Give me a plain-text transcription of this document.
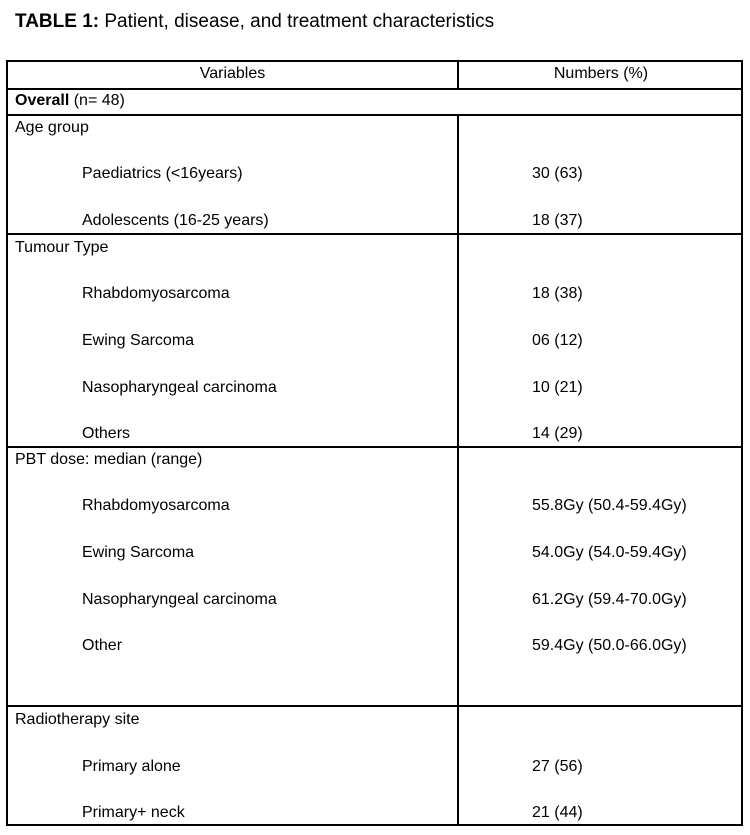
TABLE 1: Patient, disease, and treatment characteristics
Variables	Numbers (%)
Overall (n= 48)
Age group
Paediatrics (<16years)	30 (63)
Adolescents (16-25 years)	18 (37)
Tumour Type
Rhabdomyosarcoma	18 (38)
Ewing Sarcoma	06 (12)
Nasopharyngeal carcinoma	10 (21)
Others	14 (29)
PBT dose: median (range)
Rhabdomyosarcoma	55.8Gy (50.4-59.4Gy)
Ewing Sarcoma	54.0Gy (54.0-59.4Gy)
Nasopharyngeal carcinoma	61.2Gy (59.4-70.0Gy)
Other	59.4Gy (50.0-66.0Gy)
Radiotherapy site
Primary alone	27 (56)
Primary+ neck	21 (44)
